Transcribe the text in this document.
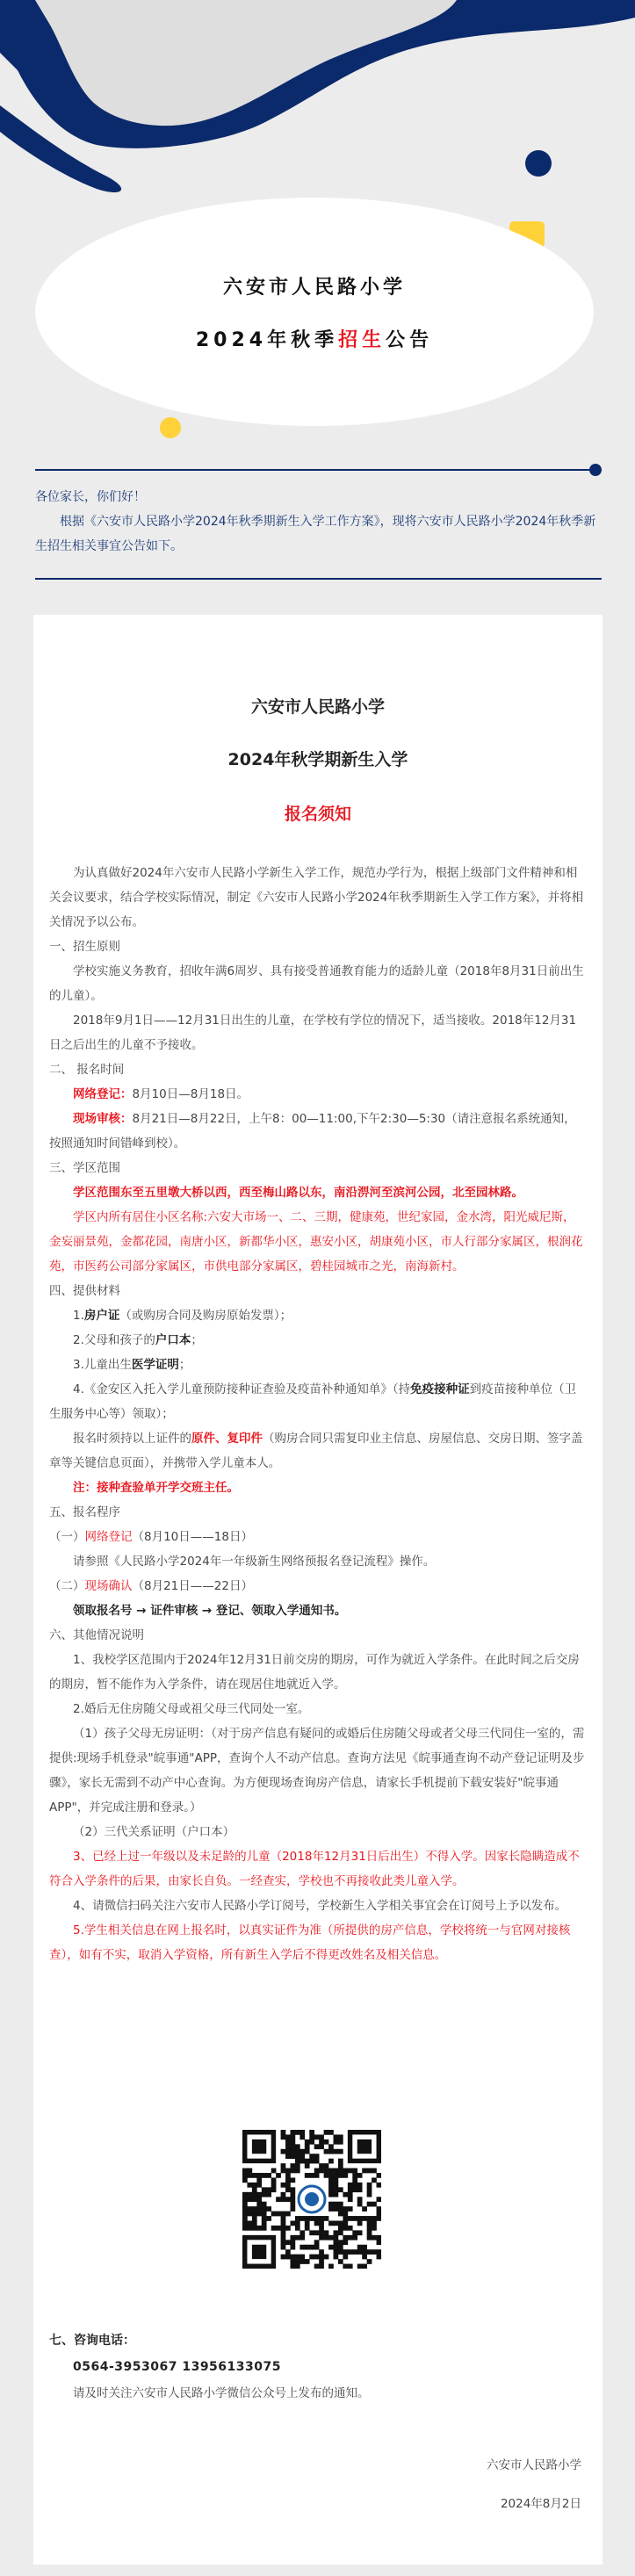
六安市人民路小学
2024年秋季招生公告

各位家长，你们好！

根据《六安市人民路小学2024年秋季期新生入学工作方案》，现将六安市人民路小学2024年秋季新生招生相关事宜公告如下。

六安市人民路小学
2024年秋学期新生入学
报名须知

为认真做好2024年六安市人民路小学新生入学工作，规范办学行为，根据上级部门文件精神和相关会议要求，结合学校实际情况，制定《六安市人民路小学2024年秋季期新生入学工作方案》，并将相关情况予以公布。

一、招生原则

学校实施义务教育，招收年满6周岁、具有接受普通教育能力的适龄儿童（2018年8月31日前出生的儿童）。

2018年9月1日——12月31日出生的儿童，在学校有学位的情况下，适当接收。2018年12月31日之后出生的儿童不予接收。

二、 报名时间

网络登记：8月10日—8月18日。

现场审核：8月21日—8月22日，上午8：00—11:00,下午2:30—5:30（请注意报名系统通知，按照通知时间错峰到校）。

三、学区范围

学区范围东至五里墩大桥以西，西至梅山路以东，南沿淠河至滨河公园，北至园林路。

学区内所有居住小区名称:六安大市场一、二、三期，健康苑，世纪家园，金水湾，阳光威尼斯，金妄丽景苑，金都花园，南唐小区，新都华小区，惠安小区，胡康苑小区，市人行部分家属区，根润花苑，市医药公司部分家属区，市供电部分家属区，碧桂园城市之光，南海新村。

四、提供材料

1.房户证（或购房合同及购房原始发票）；

2.父母和孩子的户口本；

3.儿童出生医学证明；

4.《金安区入托入学儿童预防接种证查验及疫苗补种通知单》（持免疫接种证到疫苗接种单位（卫生服务中心等）领取）；

报名时须持以上证件的原件、复印件（购房合同只需复印业主信息、房屋信息、交房日期、签字盖章等关键信息页面），并携带入学儿童本人。

注：接种查验单开学交班主任。

五、报名程序

（一）网络登记（8月10日——18日）

请参照《人民路小学2024年一年级新生网络预报名登记流程》操作。

（二）现场确认（8月21日——22日）

领取报名号 → 证件审核 → 登记、领取入学通知书。

六、其他情况说明

1、我校学区范围内于2024年12月31日前交房的期房，可作为就近入学条件。在此时间之后交房的期房，暂不能作为入学条件，请在现居住地就近入学。

2.婚后无住房随父母或祖父母三代同处一室。

（1）孩子父母无房证明：（对于房产信息有疑问的或婚后住房随父母或者父母三代同住一室的，需提供:现场手机登录"皖事通"APP，查询个人不动产信息。查询方法见《皖事通查询不动产登记证明及步骤》，家长无需到不动产中心查询。为方便现场查询房产信息，请家长手机提前下载安装好"皖事通APP"，并完成注册和登录。）

（2）三代关系证明（户口本）

3、已经上过一年级以及未足龄的儿童（2018年12月31日后出生）不得入学。因家长隐瞒造成不符合入学条件的后果，由家长自负。一经查实，学校也不再接收此类儿童入学。

4、请微信扫码关注六安市人民路小学订阅号，学校新生入学相关事宜会在订阅号上予以发布。

5.学生相关信息在网上报名时，以真实证件为准（所提供的房产信息，学校将统一与官网对接核查），如有不实，取消入学资格，所有新生入学后不得更改姓名及相关信息。

七、咨询电话：

0564-3953067 13956133075

请及时关注六安市人民路小学微信公众号上发布的通知。

六安市人民路小学

2024年8月2日
